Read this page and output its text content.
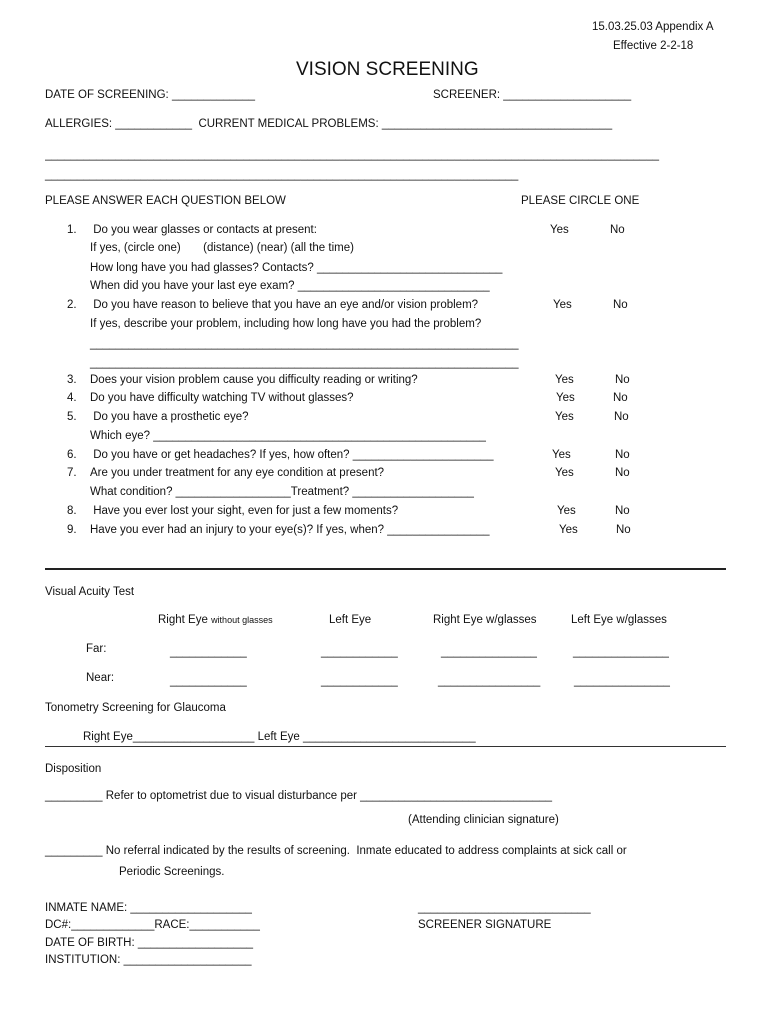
15.03.25.03 Appendix A
Effective 2-2-18
VISION SCREENING
DATE OF SCREENING: _____________	SCREENER: ____________________
ALLERGIES: ____________  CURRENT MEDICAL PROBLEMS: ____________________________________
________________________________________________________________________________________________
__________________________________________________________________________
PLEASE ANSWER EACH QUESTION BELOW	PLEASE CIRCLE ONE
1. Do you wear glasses or contacts at present:	Yes	No
If yes, (circle one)       (distance) (near) (all the time)
How long have you had glasses? Contacts? _____________________________
When did you have your last eye exam? ______________________________
2. Do you have reason to believe that you have an eye and/or vision problem?	Yes	No
If yes, describe your problem, including how long have you had the problem?
___________________________________________________________________
___________________________________________________________________
3. Does your vision problem cause you difficulty reading or writing?	Yes	No
4. Do you have difficulty watching TV without glasses?	Yes	No
5. Do you have a prosthetic eye?	Yes	No
Which eye? ____________________________________________________
6. Do you have or get headaches? If yes, how often? ______________________	Yes	No
7. Are you under treatment for any eye condition at present?	Yes	No
What condition? __________________Treatment? ___________________
8. Have you ever lost your sight, even for just a few moments?	Yes	No
9. Have you ever had an injury to your eye(s)? If yes, when? ________________	Yes	No
Visual Acuity Test
Right Eye without glasses	Left Eye	Right Eye w/glasses	Left Eye w/glasses
Far:	____________	____________	_______________	_______________
Near:	____________	____________	________________	_______________
Tonometry Screening for Glaucoma
Right Eye___________________ Left Eye ___________________________
Disposition
_________ Refer to optometrist due to visual disturbance per ______________________________
(Attending clinician signature)
_________ No referral indicated by the results of screening.  Inmate educated to address complaints at sick call or
Periodic Screenings.
INMATE NAME: ___________________
DC#:_____________RACE:___________
DATE OF BIRTH: __________________
INSTITUTION: ____________________
___________________________
SCREENER SIGNATURE
